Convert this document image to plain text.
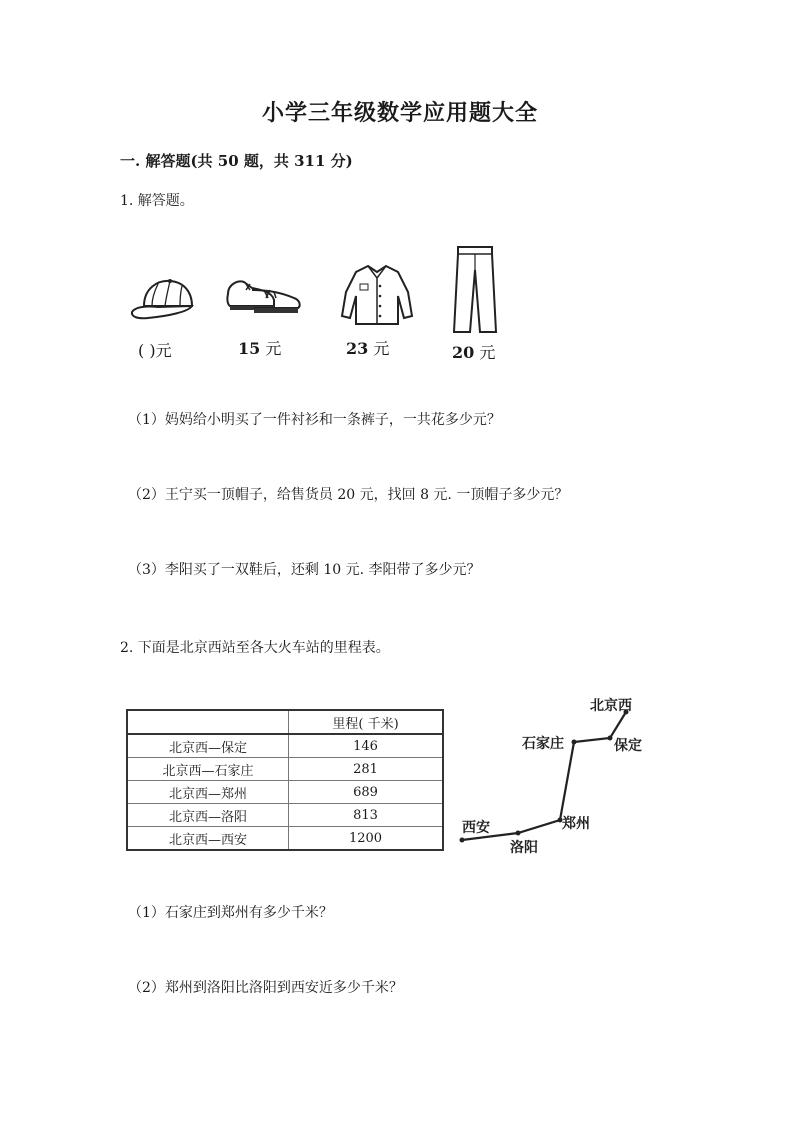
小学三年级数学应用题大全
一. 解答题(共 50 题，共 311 分)
1. 解答题。
( )元	15 元	23 元	20 元
（1）妈妈给小明买了一件衬衫和一条裤子，一共花多少元？
（2）王宁买一顶帽子，给售货员 20 元，找回 8 元. 一顶帽子多少元？
（3）李阳买了一双鞋后，还剩 10 元. 李阳带了多少元？
2. 下面是北京西站至各大火车站的里程表。
	里程( 千米)
北京西—保定	146
北京西—石家庄	281
北京西—郑州	689
北京西—洛阳	813
北京西—西安	1200
北京西
保定
石家庄
郑州
洛阳
西安
（1）石家庄到郑州有多少千米？
（2）郑州到洛阳比洛阳到西安近多少千米？
